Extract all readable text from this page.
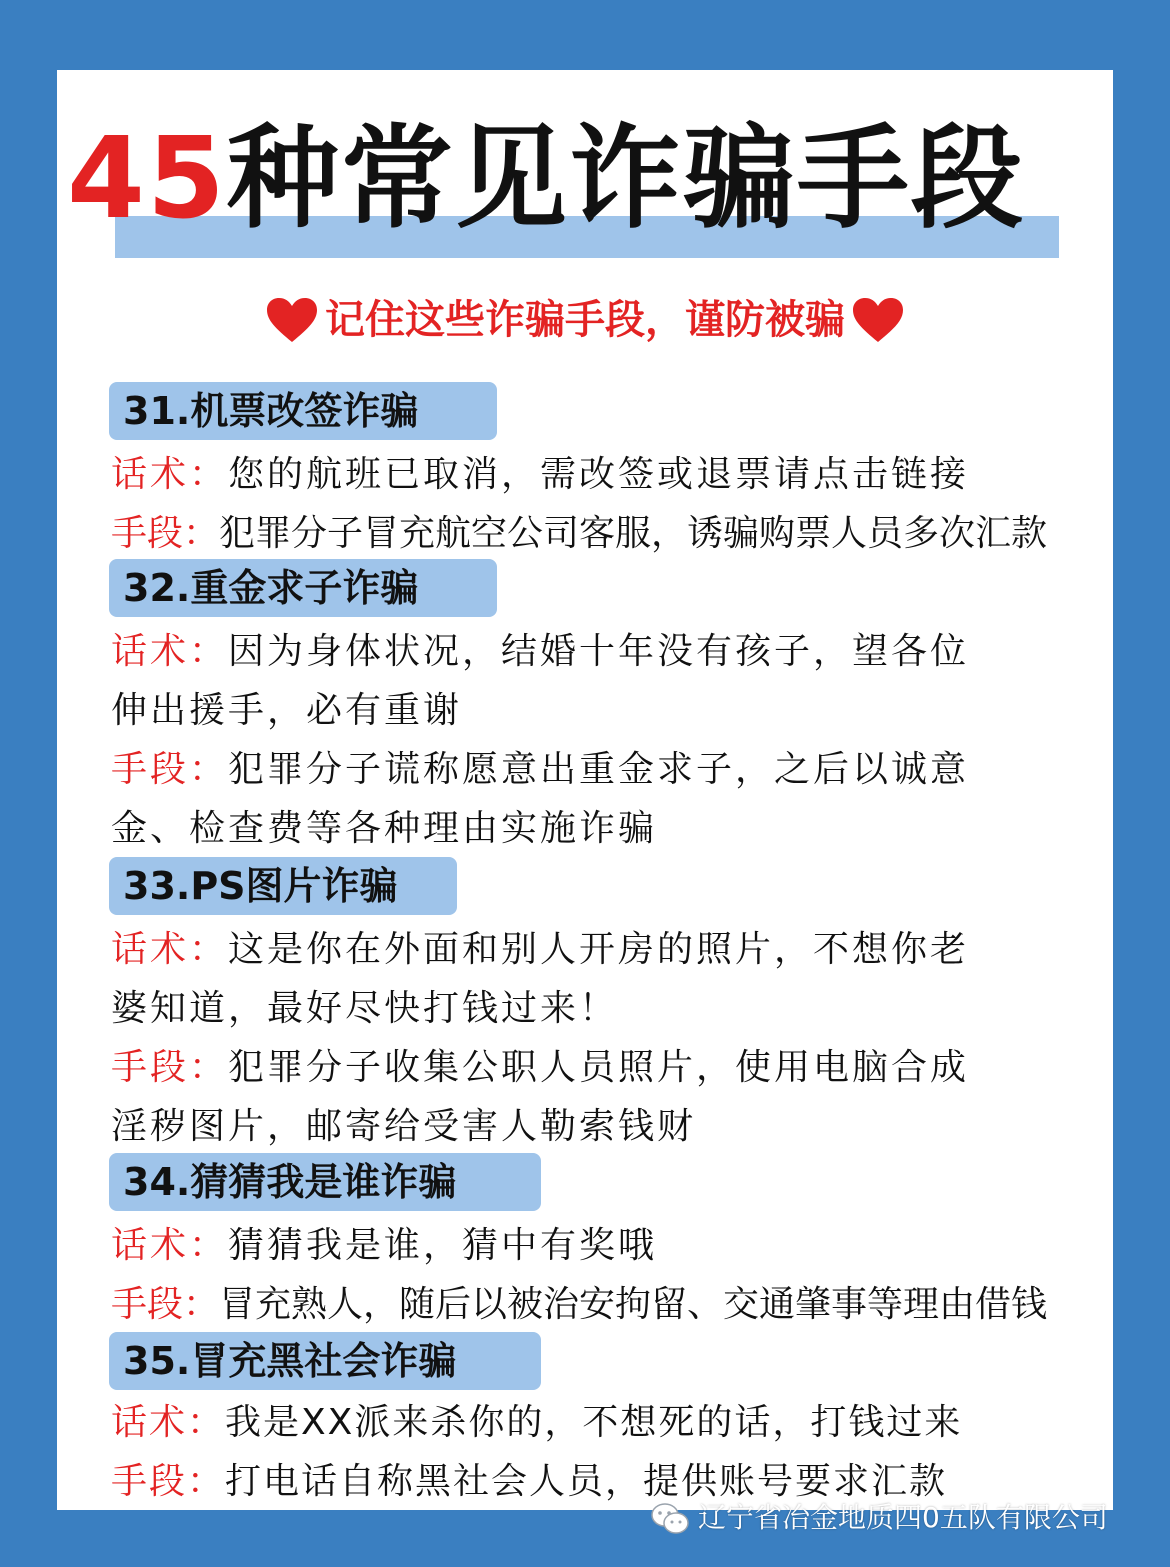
45种常见诈骗手段
记住这些诈骗手段，谨防被骗
31.机票改签诈骗
话术：您的航班已取消，需改签或退票请点击链接
手段：犯罪分子冒充航空公司客服，诱骗购票人员多次汇款
32.重金求子诈骗
话术：因为身体状况，结婚十年没有孩子，望各位
伸出援手，必有重谢
手段：犯罪分子谎称愿意出重金求子，之后以诚意
金、检查费等各种理由实施诈骗
33.PS图片诈骗
话术：这是你在外面和别人开房的照片，不想你老
婆知道，最好尽快打钱过来！
手段：犯罪分子收集公职人员照片，使用电脑合成
淫秽图片，邮寄给受害人勒索钱财
34.猜猜我是谁诈骗
话术：猜猜我是谁，猜中有奖哦
手段：冒充熟人，随后以被治安拘留、交通肇事等理由借钱
35.冒充黑社会诈骗
话术：我是XX派来杀你的，不想死的话，打钱过来
手段：打电话自称黑社会人员，提供账号要求汇款
辽宁省冶金地质四0五队有限公司
